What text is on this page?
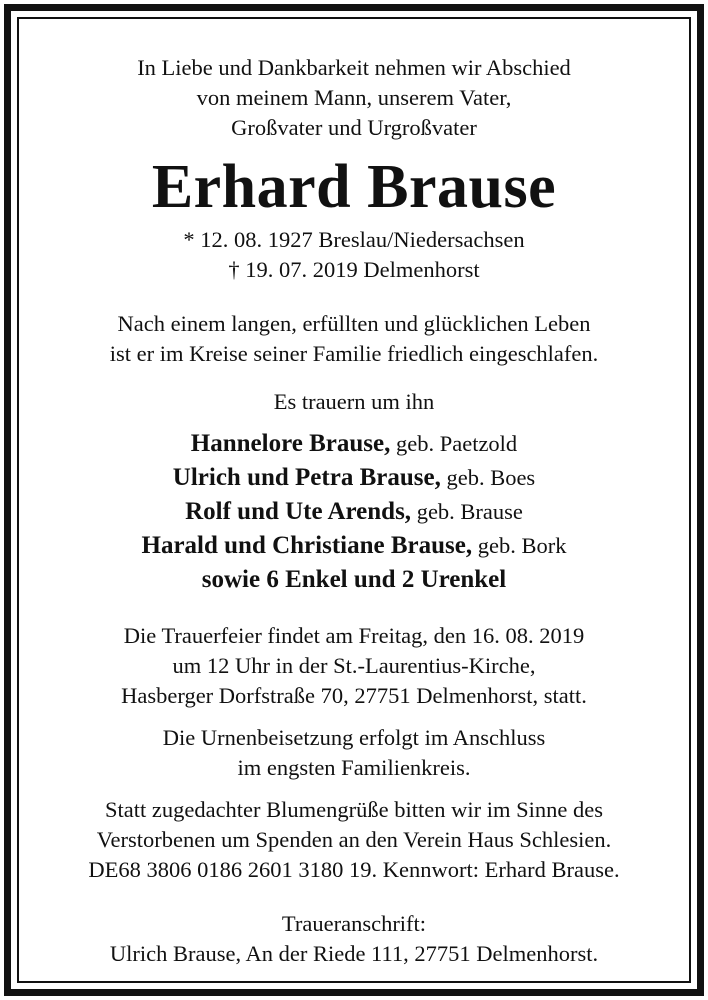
In Liebe und Dankbarkeit nehmen wir Abschied
von meinem Mann, unserem Vater,
Großvater und Urgroßvater
Erhard Brause
* 12. 08. 1927 Breslau/Niedersachsen
† 19. 07. 2019 Delmenhorst
Nach einem langen, erfüllten und glücklichen Leben
ist er im Kreise seiner Familie friedlich eingeschlafen.
Es trauern um ihn
Hannelore Brause, geb. Paetzold
Ulrich und Petra Brause, geb. Boes
Rolf und Ute Arends, geb. Brause
Harald und Christiane Brause, geb. Bork
sowie 6 Enkel und 2 Urenkel
Die Trauerfeier findet am Freitag, den 16. 08. 2019
um 12 Uhr in der St.-Laurentius-Kirche,
Hasberger Dorfstraße 70, 27751 Delmenhorst, statt.
Die Urnenbeisetzung erfolgt im Anschluss
im engsten Familienkreis.
Statt zugedachter Blumengrüße bitten wir im Sinne des
Verstorbenen um Spenden an den Verein Haus Schlesien.
DE68 3806 0186 2601 3180 19. Kennwort: Erhard Brause.
Traueranschrift:
Ulrich Brause, An der Riede 111, 27751 Delmenhorst.
